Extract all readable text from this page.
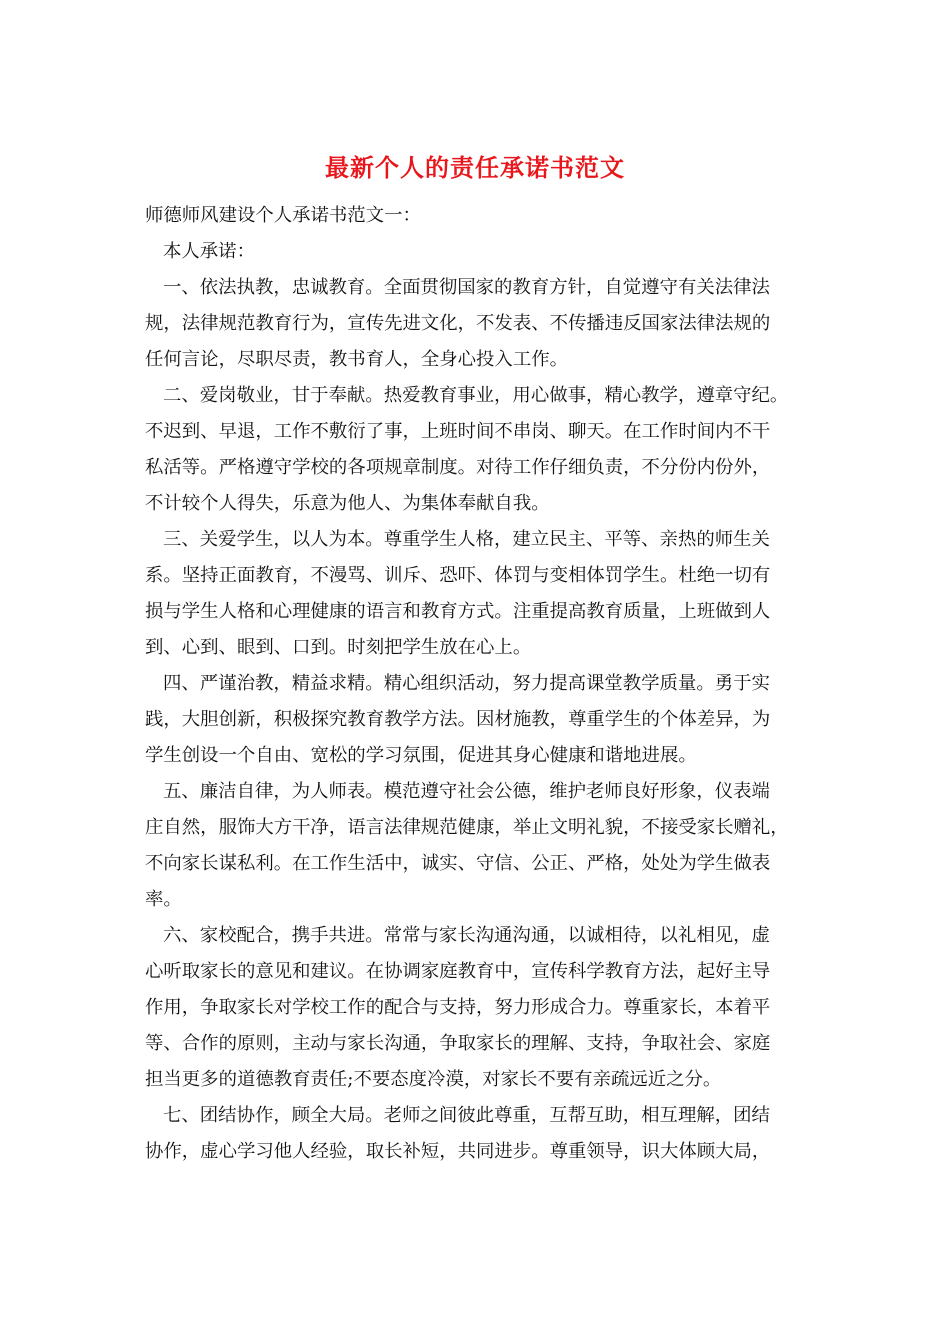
最新个人的责任承诺书范文
师德师风建设个人承诺书范文一：
本人承诺：
一、依法执教，忠诚教育。全面贯彻国家的教育方针，自觉遵守有关法律法
规，法律规范教育行为，宣传先进文化，不发表、不传播违反国家法律法规的
任何言论，尽职尽责，教书育人，全身心投入工作。
二、爱岗敬业，甘于奉献。热爱教育事业，用心做事，精心教学，遵章守纪。
不迟到、早退，工作不敷衍了事，上班时间不串岗、聊天。在工作时间内不干
私活等。严格遵守学校的各项规章制度。对待工作仔细负责，不分份内份外，
不计较个人得失，乐意为他人、为集体奉献自我。
三、关爱学生，以人为本。尊重学生人格，建立民主、平等、亲热的师生关
系。坚持正面教育，不漫骂、训斥、恐吓、体罚与变相体罚学生。杜绝一切有
损与学生人格和心理健康的语言和教育方式。注重提高教育质量，上班做到人
到、心到、眼到、口到。时刻把学生放在心上。
四、严谨治教，精益求精。精心组织活动，努力提高课堂教学质量。勇于实
践，大胆创新，积极探究教育教学方法。因材施教，尊重学生的个体差异，为
学生创设一个自由、宽松的学习氛围，促进其身心健康和谐地进展。
五、廉洁自律，为人师表。模范遵守社会公德，维护老师良好形象，仪表端
庄自然，服饰大方干净，语言法律规范健康，举止文明礼貌，不接受家长赠礼，
不向家长谋私利。在工作生活中，诚实、守信、公正、严格，处处为学生做表
率。
六、家校配合，携手共进。常常与家长沟通沟通，以诚相待，以礼相见，虚
心听取家长的意见和建议。在协调家庭教育中，宣传科学教育方法，起好主导
作用，争取家长对学校工作的配合与支持，努力形成合力。尊重家长，本着平
等、合作的原则，主动与家长沟通，争取家长的理解、支持，争取社会、家庭
担当更多的道德教育责任;不要态度冷漠，对家长不要有亲疏远近之分。
七、团结协作，顾全大局。老师之间彼此尊重，互帮互助，相互理解，团结
协作，虚心学习他人经验，取长补短，共同进步。尊重领导，识大体顾大局，
